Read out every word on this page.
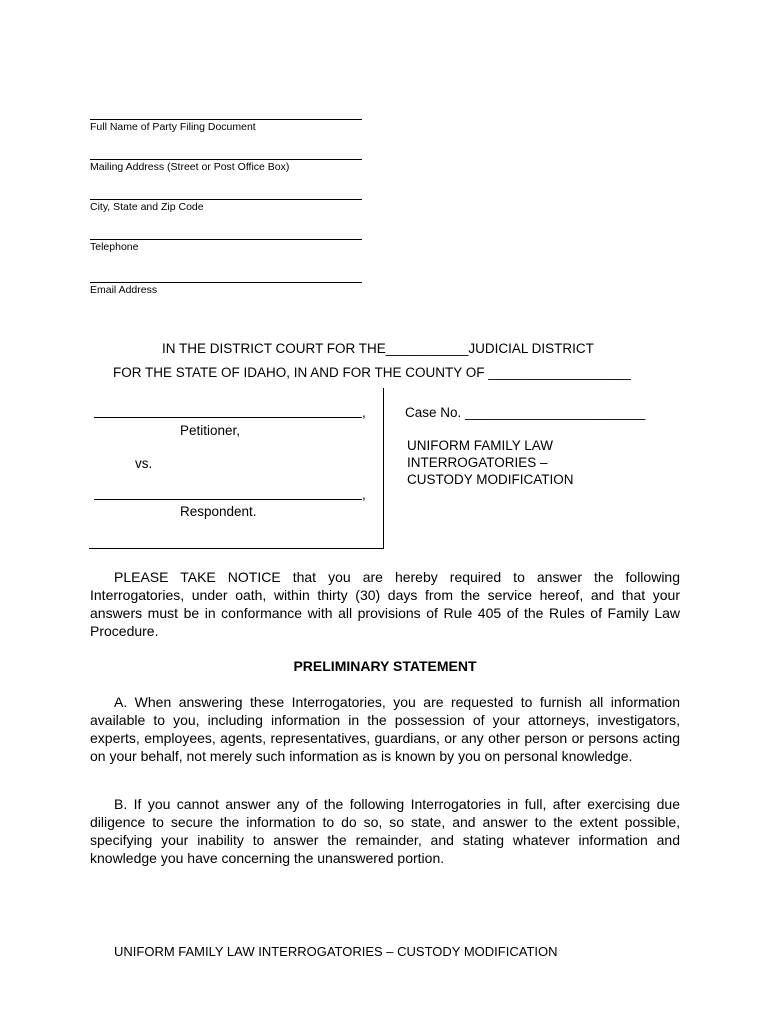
Full Name of Party Filing Document
Mailing Address (Street or Post Office Box)
City, State and Zip Code
Telephone
Email Address
IN THE DISTRICT COURT FOR THE___________JUDICIAL DISTRICT
FOR THE STATE OF IDAHO, IN AND FOR THE COUNTY OF ___________________
,
Petitioner,
vs.
,
Respondent.
Case No. ________________________
UNIFORM FAMILY LAW
INTERROGATORIES –
CUSTODY MODIFICATION

PLEASE TAKE NOTICE that you are hereby required to answer the following Interrogatories, under oath, within thirty (30) days from the service hereof, and that your answers must be in conformance with all provisions of Rule 405 of the Rules of Family Law Procedure.

PRELIMINARY STATEMENT

A. When answering these Interrogatories, you are requested to furnish all information available to you, including information in the possession of your attorneys, investigators, experts, employees, agents, representatives, guardians, or any other person or persons acting on your behalf, not merely such information as is known by you on personal knowledge.

B. If you cannot answer any of the following Interrogatories in full, after exercising due diligence to secure the information to do so, so state, and answer to the extent possible, specifying your inability to answer the remainder, and stating whatever information and knowledge you have concerning the unanswered portion.

UNIFORM FAMILY LAW INTERROGATORIES – CUSTODY MODIFICATION
